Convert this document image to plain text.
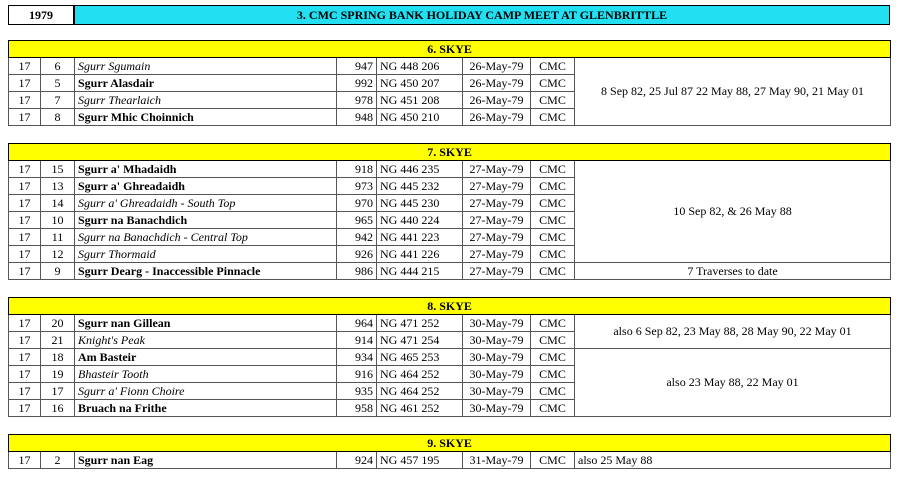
1979	3. CMC SPRING BANK HOLIDAY CAMP MEET AT GLENBRITTLE
6. SKYE							
17	6	Sgurr Sgumain	947	NG 448 206	26-May-79	CMC	8 Sep 82, 25 Jul 87 22 May 88, 27 May 90, 21 May 01
17	5	Sgurr Alasdair	992	NG 450 207	26-May-79	CMC	
17	7	Sgurr Thearlaich	978	NG 451 208	26-May-79	CMC	
17	8	Sgurr Mhic Choinnich	948	NG 450 210	26-May-79	CMC	
7. SKYE							
17	15	Sgurr a' Mhadaidh	918	NG 446 235	27-May-79	CMC	10 Sep 82, & 26 May 88
17	13	Sgurr a' Ghreadaidh	973	NG 445 232	27-May-79	CMC	
17	14	Sgurr a' Ghreadaidh - South Top	970	NG 445 230	27-May-79	CMC	
17	10	Sgurr na Banachdich	965	NG 440 224	27-May-79	CMC	
17	11	Sgurr na Banachdich - Central Top	942	NG 441 223	27-May-79	CMC	
17	12	Sgurr Thormaid	926	NG 441 226	27-May-79	CMC	
17	9	Sgurr Dearg - Inaccessible Pinnacle	986	NG 444 215	27-May-79	CMC	7 Traverses to date
8. SKYE							
17	20	Sgurr nan Gillean	964	NG 471 252	30-May-79	CMC	also 6 Sep 82, 23 May 88, 28 May 90, 22 May 01
17	21	Knight's Peak	914	NG 471 254	30-May-79	CMC	
17	18	Am Basteir	934	NG 465 253	30-May-79	CMC	also 23 May 88, 22 May 01
17	19	Bhasteir Tooth	916	NG 464 252	30-May-79	CMC	
17	17	Sgurr a' Fionn Choire	935	NG 464 252	30-May-79	CMC	
17	16	Bruach na Frithe	958	NG 461 252	30-May-79	CMC	
9. SKYE
17	2	Sgurr nan Eag	924	NG 457 195	31-May-79	CMC	also 25 May 88
